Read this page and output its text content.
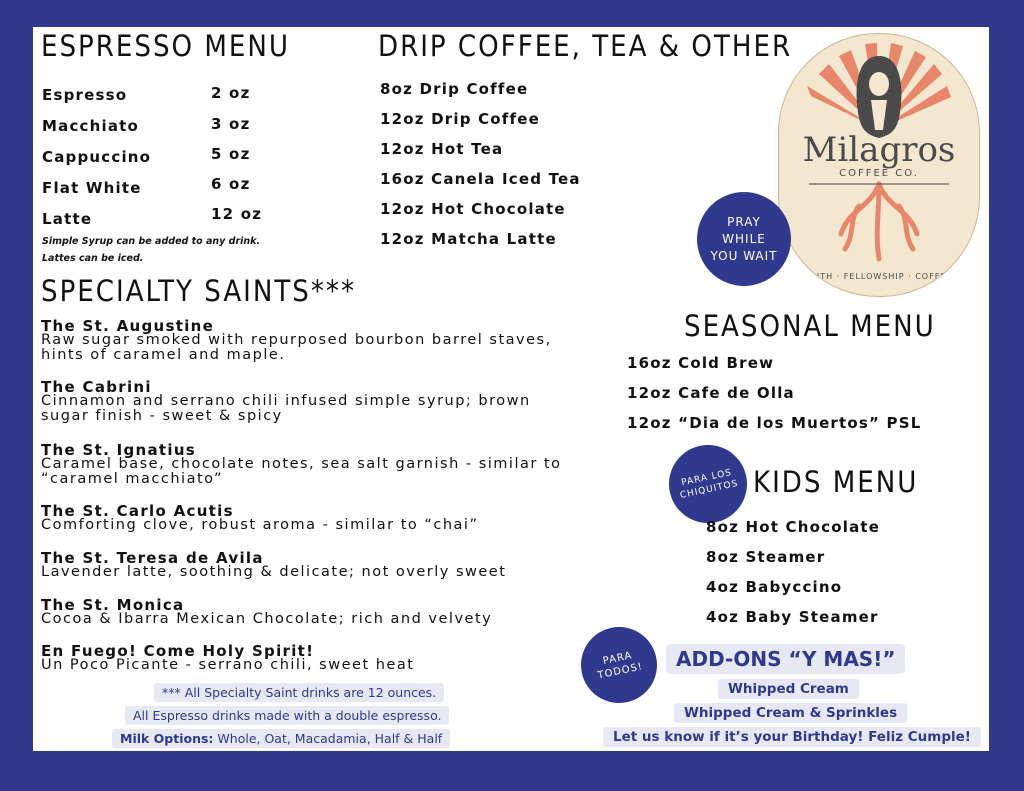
ESPRESSO MENU
Espresso	2 oz
Macchiato	3 oz
Cappuccino	5 oz
Flat White	6 oz
Latte	12 oz
Simple Syrup can be added to any drink.
Lattes can be iced.
DRIP COFFEE, TEA & OTHER
8oz Drip Coffee
12oz Drip Coffee
12oz Hot Tea
16oz Canela Iced Tea
12oz Hot Chocolate
12oz Matcha Latte
Milagros
COFFEE CO.
FAITH · FELLOWSHIP · COFFEE
PRAY WHILE YOU WAIT
SPECIALTY SAINTS***
The St. Augustine
Raw sugar smoked with repurposed bourbon barrel staves, hints of caramel and maple.
The Cabrini
Cinnamon and serrano chili infused simple syrup; brown sugar finish - sweet & spicy
The St. Ignatius
Caramel base, chocolate notes, sea salt garnish - similar to “caramel macchiato”
The St. Carlo Acutis
Comforting clove, robust aroma - similar to “chai”
The St. Teresa de Avila
Lavender latte, soothing & delicate; not overly sweet
The St. Monica
Cocoa & Ibarra Mexican Chocolate; rich and velvety
En Fuego! Come Holy Spirit!
Un Poco Picante - serrano chili, sweet heat
*** All Specialty Saint drinks are 12 ounces.
All Espresso drinks made with a double espresso.
Milk Options: Whole, Oat, Macadamia, Half & Half
SEASONAL MENU
16oz Cold Brew
12oz Cafe de Olla
12oz “Dia de los Muertos” PSL
PARA LOS CHIQUITOS KIDS MENU
8oz Hot Chocolate
8oz Steamer
4oz Babyccino
4oz Baby Steamer
PARA TODOS!
ADD-ONS “Y MAS!”
Whipped Cream
Whipped Cream & Sprinkles
Let us know if it’s your Birthday! Feliz Cumple!
